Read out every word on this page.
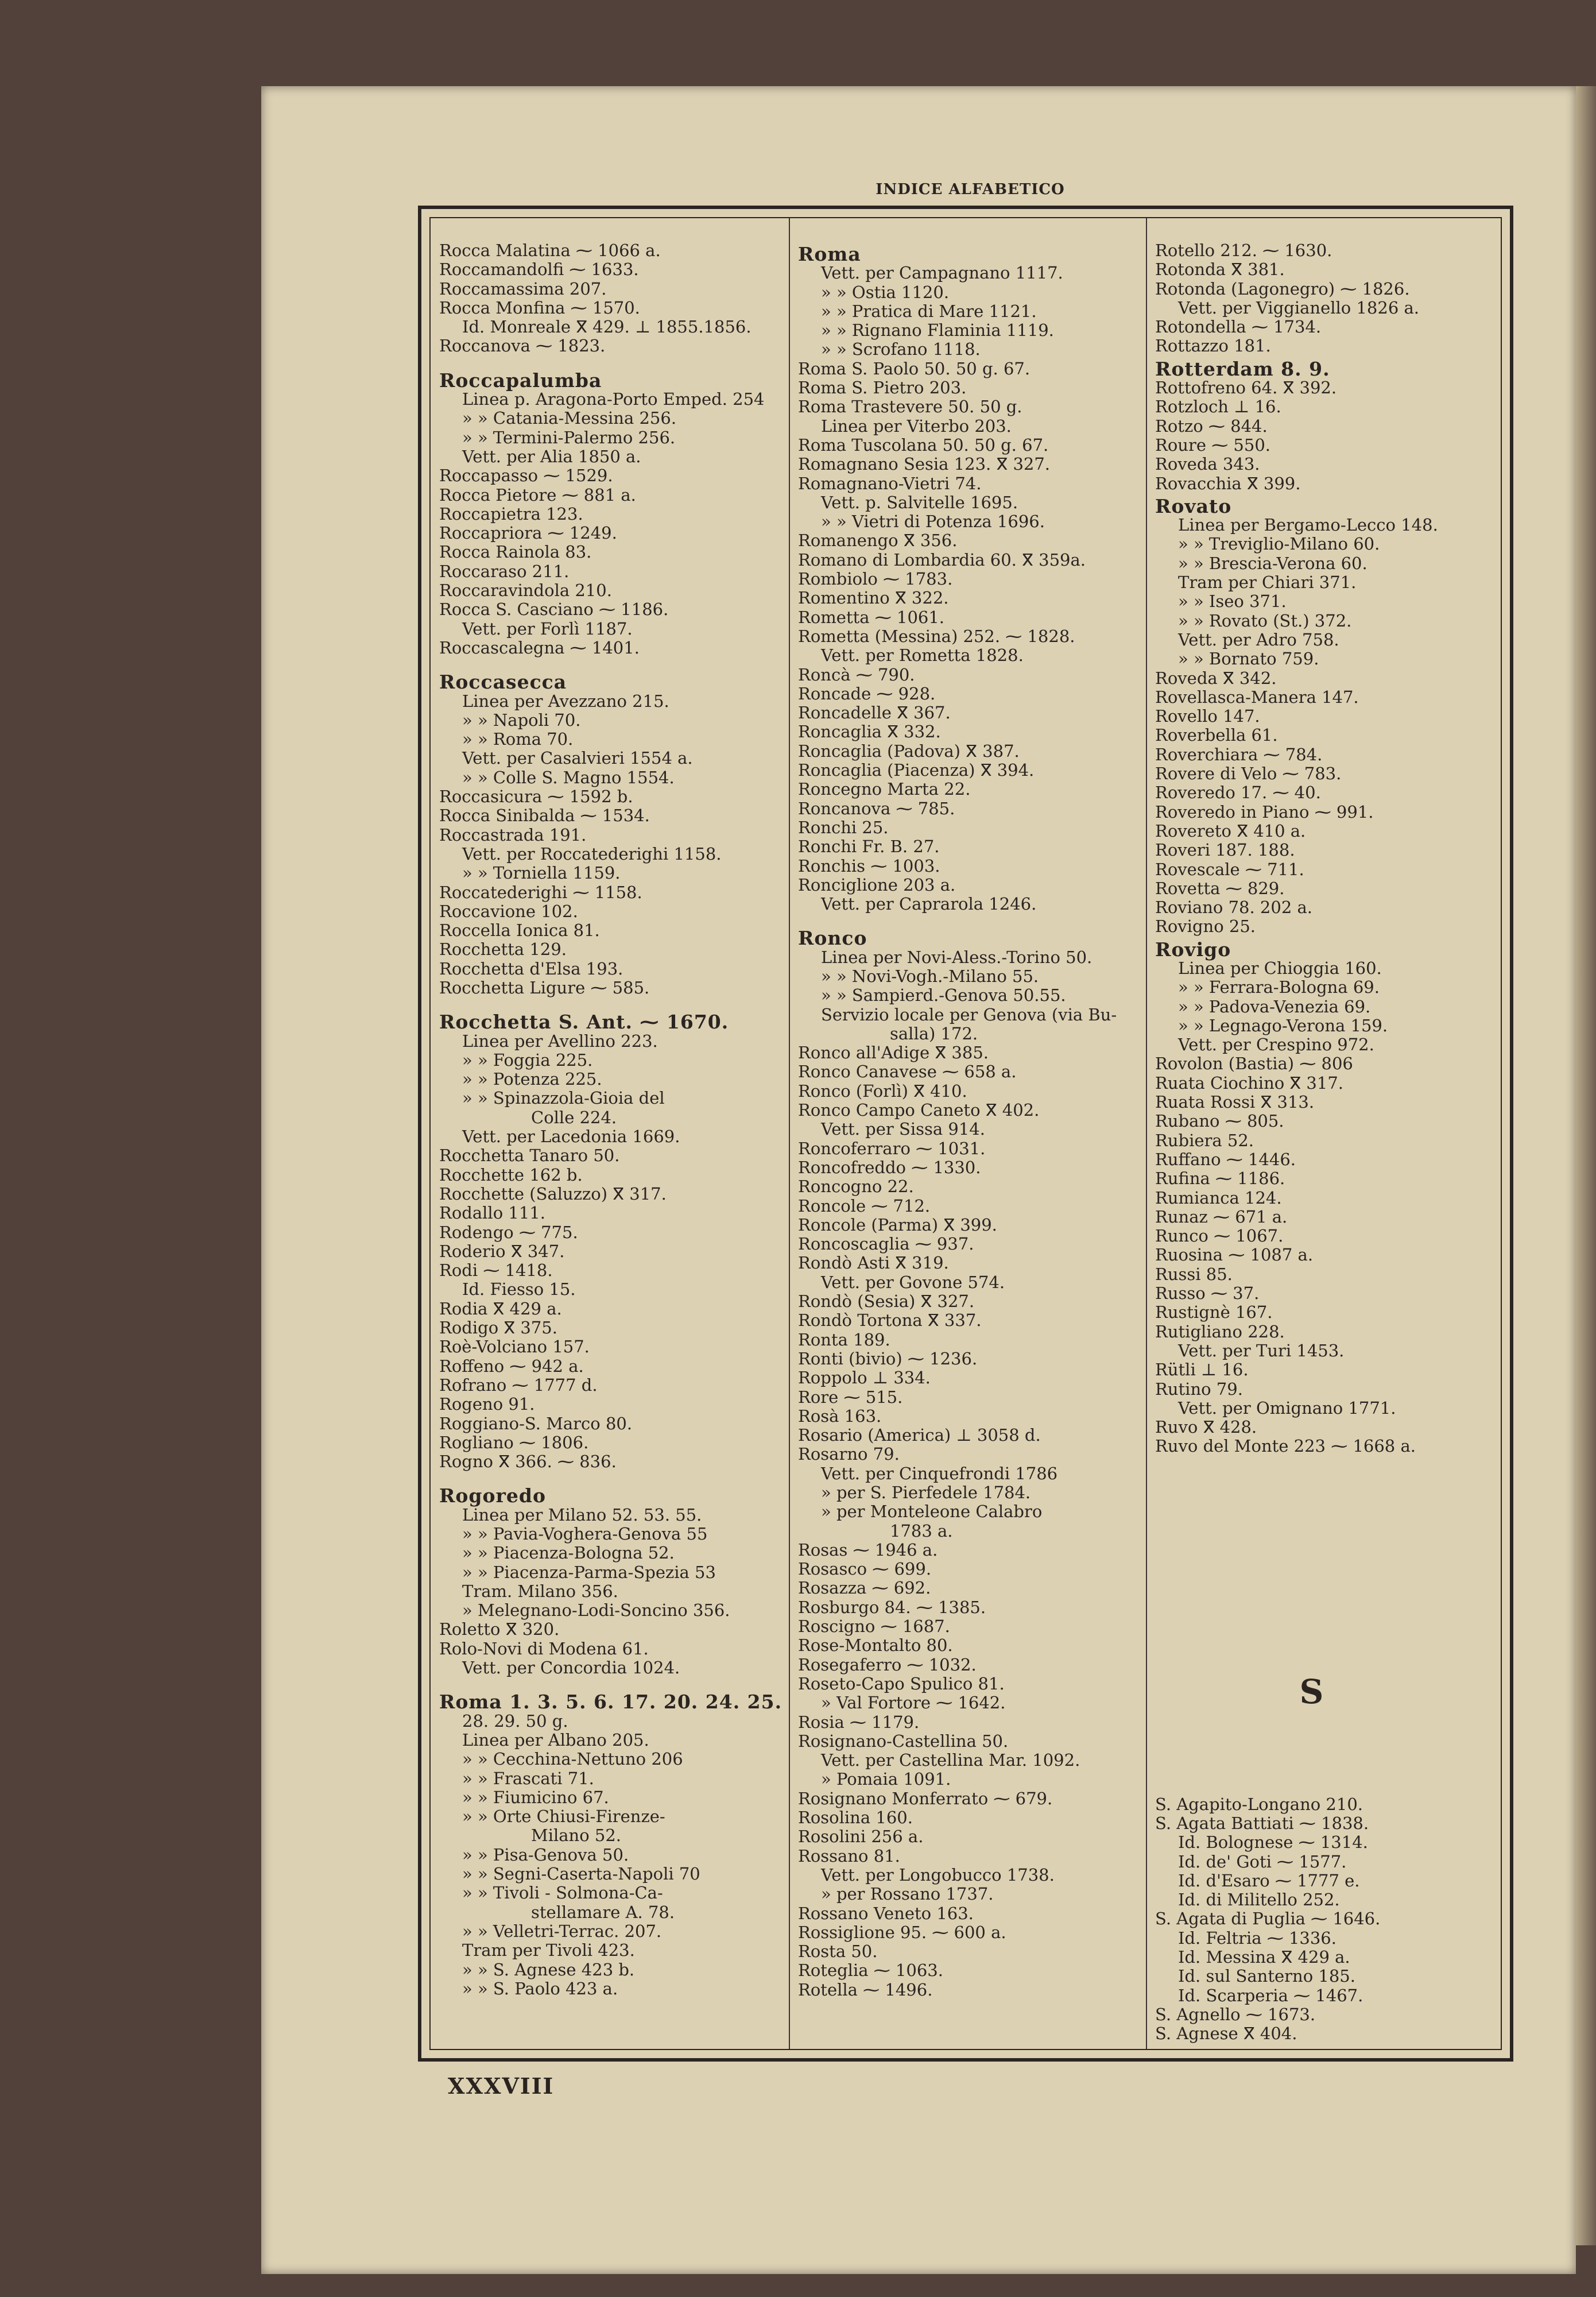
INDICE ALFABETICO
Rocca Malatina ⁓ 1066 a.
Roccamandolfi ⁓ 1633.
Roccamassima 207.
Rocca Monfina ⁓ 1570.
Id. Monreale ⴳ 429. ⊥ 1855.1856.
Roccanova ⁓ 1823.
Roccapalumba
Linea p. Aragona-Porto Emped. 254
» » Catania-Messina 256.
» » Termini-Palermo 256.
Vett. per Alia 1850 a.
Roccapasso ⁓ 1529.
Rocca Pietore ⁓ 881 a.
Roccapietra 123.
Roccapriora ⁓ 1249.
Rocca Rainola 83.
Roccaraso 211.
Roccaravindola 210.
Rocca S. Casciano ⁓ 1186.
Vett. per Forlì 1187.
Roccascalegna ⁓ 1401.
Roccasecca
Linea per Avezzano 215.
» » Napoli 70.
» » Roma 70.
Vett. per Casalvieri 1554 a.
» » Colle S. Magno 1554.
Roccasicura ⁓ 1592 b.
Rocca Sinibalda ⁓ 1534.
Roccastrada 191.
Vett. per Roccatederighi 1158.
» » Torniella 1159.
Roccatederighi ⁓ 1158.
Roccavione 102.
Roccella Ionica 81.
Rocchetta 129.
Rocchetta d'Elsa 193.
Rocchetta Ligure ⁓ 585.
Rocchetta S. Ant. ⁓ 1670.
Linea per Avellino 223.
» » Foggia 225.
» » Potenza 225.
» » Spinazzola-Gioia del
Colle 224.
Vett. per Lacedonia 1669.
Rocchetta Tanaro 50.
Rocchette 162 b.
Rocchette (Saluzzo) ⴳ 317.
Rodallo 111.
Rodengo ⁓ 775.
Roderio ⴳ 347.
Rodi ⁓ 1418.
Id. Fiesso 15.
Rodia ⴳ 429 a.
Rodigo ⴳ 375.
Roè-Volciano 157.
Roffeno ⁓ 942 a.
Rofrano ⁓ 1777 d.
Rogeno 91.
Roggiano-S. Marco 80.
Rogliano ⁓ 1806.
Rogno ⴳ 366. ⁓ 836.
Rogoredo
Linea per Milano 52. 53. 55.
» » Pavia-Voghera-Genova 55
» » Piacenza-Bologna 52.
» » Piacenza-Parma-Spezia 53
Tram. Milano 356.
» Melegnano-Lodi-Soncino 356.
Roletto ⴳ 320.
Rolo-Novi di Modena 61.
Vett. per Concordia 1024.
Roma 1. 3. 5. 6. 17. 20. 24. 25.
28. 29. 50 g.
Linea per Albano 205.
» » Cecchina-Nettuno 206
» » Frascati 71.
» » Fiumicino 67.
» » Orte Chiusi-Firenze-
Milano 52.
» » Pisa-Genova 50.
» » Segni-Caserta-Napoli 70
» » Tivoli - Solmona-Ca-
stellamare A. 78.
» » Velletri-Terrac. 207.
Tram per Tivoli 423.
» » S. Agnese 423 b.
» » S. Paolo 423 a.
Roma
Vett. per Campagnano 1117.
» » Ostia 1120.
» » Pratica di Mare 1121.
» » Rignano Flaminia 1119.
» » Scrofano 1118.
Roma S. Paolo 50. 50 g. 67.
Roma S. Pietro 203.
Roma Trastevere 50. 50 g.
Linea per Viterbo 203.
Roma Tuscolana 50. 50 g. 67.
Romagnano Sesia 123. ⴳ 327.
Romagnano-Vietri 74.
Vett. p. Salvitelle 1695.
» » Vietri di Potenza 1696.
Romanengo ⴳ 356.
Romano di Lombardia 60. ⴳ 359a.
Rombiolo ⁓ 1783.
Romentino ⴳ 322.
Rometta ⁓ 1061.
Rometta (Messina) 252. ⁓ 1828.
Vett. per Rometta 1828.
Roncà ⁓ 790.
Roncade ⁓ 928.
Roncadelle ⴳ 367.
Roncaglia ⴳ 332.
Roncaglia (Padova) ⴳ 387.
Roncaglia (Piacenza) ⴳ 394.
Roncegno Marta 22.
Roncanova ⁓ 785.
Ronchi 25.
Ronchi Fr. B. 27.
Ronchis ⁓ 1003.
Ronciglione 203 a.
Vett. per Caprarola 1246.
Ronco
Linea per Novi-Aless.-Torino 50.
» » Novi-Vogh.-Milano 55.
» » Sampierd.-Genova 50.55.
Servizio locale per Genova (via Bu-
salla) 172.
Ronco all'Adige ⴳ 385.
Ronco Canavese ⁓ 658 a.
Ronco (Forlì) ⴳ 410.
Ronco Campo Caneto ⴳ 402.
Vett. per Sissa 914.
Roncoferraro ⁓ 1031.
Roncofreddo ⁓ 1330.
Roncogno 22.
Roncole ⁓ 712.
Roncole (Parma) ⴳ 399.
Roncoscaglia ⁓ 937.
Rondò Asti ⴳ 319.
Vett. per Govone 574.
Rondò (Sesia) ⴳ 327.
Rondò Tortona ⴳ 337.
Ronta 189.
Ronti (bivio) ⁓ 1236.
Roppolo ⊥ 334.
Rore ⁓ 515.
Rosà 163.
Rosario (America) ⊥ 3058 d.
Rosarno 79.
Vett. per Cinquefrondi 1786
» per S. Pierfedele 1784.
» per Monteleone Calabro
1783 a.
Rosas ⁓ 1946 a.
Rosasco ⁓ 699.
Rosazza ⁓ 692.
Rosburgo 84. ⁓ 1385.
Roscigno ⁓ 1687.
Rose-Montalto 80.
Rosegaferro ⁓ 1032.
Roseto-Capo Spulico 81.
» Val Fortore ⁓ 1642.
Rosia ⁓ 1179.
Rosignano-Castellina 50.
Vett. per Castellina Mar. 1092.
» Pomaia 1091.
Rosignano Monferrato ⁓ 679.
Rosolina 160.
Rosolini 256 a.
Rossano 81.
Vett. per Longobucco 1738.
» per Rossano 1737.
Rossano Veneto 163.
Rossiglione 95. ⁓ 600 a.
Rosta 50.
Roteglia ⁓ 1063.
Rotella ⁓ 1496.
Rotello 212. ⁓ 1630.
Rotonda ⴳ 381.
Rotonda (Lagonegro) ⁓ 1826.
Vett. per Viggianello 1826 a.
Rotondella ⁓ 1734.
Rottazzo 181.
Rotterdam 8. 9.
Rottofreno 64. ⴳ 392.
Rotzloch ⊥ 16.
Rotzo ⁓ 844.
Roure ⁓ 550.
Roveda 343.
Rovacchia ⴳ 399.
Rovato
Linea per Bergamo-Lecco 148.
» » Treviglio-Milano 60.
» » Brescia-Verona 60.
Tram per Chiari 371.
» » Iseo 371.
» » Rovato (St.) 372.
Vett. per Adro 758.
» » Bornato 759.
Roveda ⴳ 342.
Rovellasca-Manera 147.
Rovello 147.
Roverbella 61.
Roverchiara ⁓ 784.
Rovere di Velo ⁓ 783.
Roveredo 17. ⁓ 40.
Roveredo in Piano ⁓ 991.
Rovereto ⴳ 410 a.
Roveri 187. 188.
Rovescale ⁓ 711.
Rovetta ⁓ 829.
Roviano 78. 202 a.
Rovigno 25.
Rovigo
Linea per Chioggia 160.
» » Ferrara-Bologna 69.
» » Padova-Venezia 69.
» » Legnago-Verona 159.
Vett. per Crespino 972.
Rovolon (Bastia) ⁓ 806
Ruata Ciochino ⴳ 317.
Ruata Rossi ⴳ 313.
Rubano ⁓ 805.
Rubiera 52.
Ruffano ⁓ 1446.
Rufina ⁓ 1186.
Rumianca 124.
Runaz ⁓ 671 a.
Runco ⁓ 1067.
Ruosina ⁓ 1087 a.
Russi 85.
Russo ⁓ 37.
Rustignè 167.
Rutigliano 228.
Vett. per Turi 1453.
Rütli ⊥ 16.
Rutino 79.
Vett. per Omignano 1771.
Ruvo ⴳ 428.
Ruvo del Monte 223 ⁓ 1668 a.
S
S. Agapito-Longano 210.
S. Agata Battiati ⁓ 1838.
Id. Bolognese ⁓ 1314.
Id. de' Goti ⁓ 1577.
Id. d'Esaro ⁓ 1777 e.
Id. di Militello 252.
S. Agata di Puglia ⁓ 1646.
Id. Feltria ⁓ 1336.
Id. Messina ⴳ 429 a.
Id. sul Santerno 185.
Id. Scarperia ⁓ 1467.
S. Agnello ⁓ 1673.
S. Agnese ⴳ 404.
XXXVIII
